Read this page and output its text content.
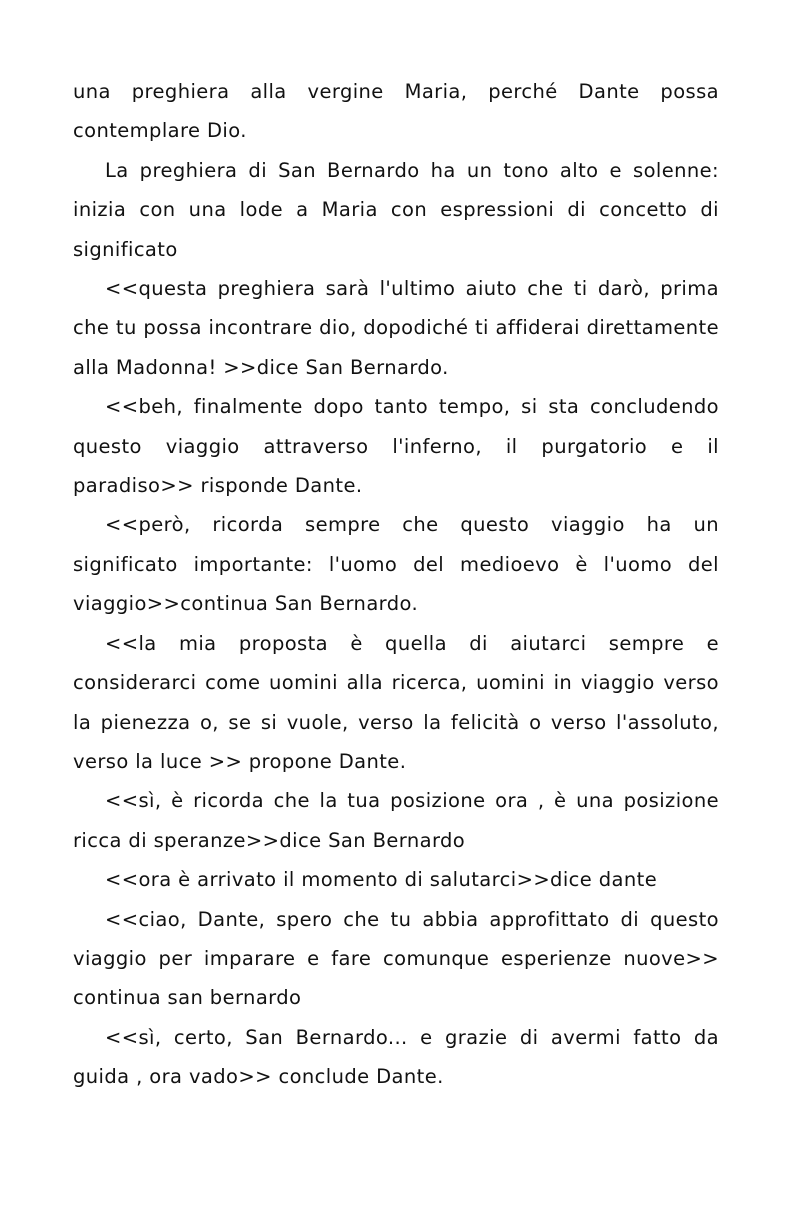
una preghiera alla vergine Maria, perché Dante possa contemplare Dio.

La preghiera di San Bernardo ha un tono alto e solenne: inizia con una lode a Maria con espressioni di concetto di significato

<<questa preghiera sarà l'ultimo aiuto che ti darò, prima che tu possa incontrare dio, dopodiché ti affiderai direttamente alla Madonna! >>dice San Bernardo.

<<beh, finalmente dopo tanto tempo, si sta concludendo questo viaggio attraverso l'inferno, il purgatorio e il paradiso>> risponde Dante.

<<però, ricorda sempre che questo viaggio ha un significato importante: l'uomo del medioevo è l'uomo del viaggio>>continua San Bernardo.

<<la mia proposta è quella di aiutarci sempre e considerarci come uomini alla ricerca, uomini in viaggio verso la pienezza o, se si vuole, verso la felicità o verso l'assoluto, verso la luce >> propone Dante.

<<sì, è ricorda che la tua posizione ora , è una posizione ricca di speranze>>dice San Bernardo

<<ora è arrivato il momento di salutarci>>dice dante

<<ciao, Dante, spero che tu abbia approfittato di questo viaggio per imparare e fare comunque esperienze nuove>> continua san bernardo

<<sì, certo, San Bernardo... e grazie di avermi fatto da guida , ora vado>> conclude Dante.
